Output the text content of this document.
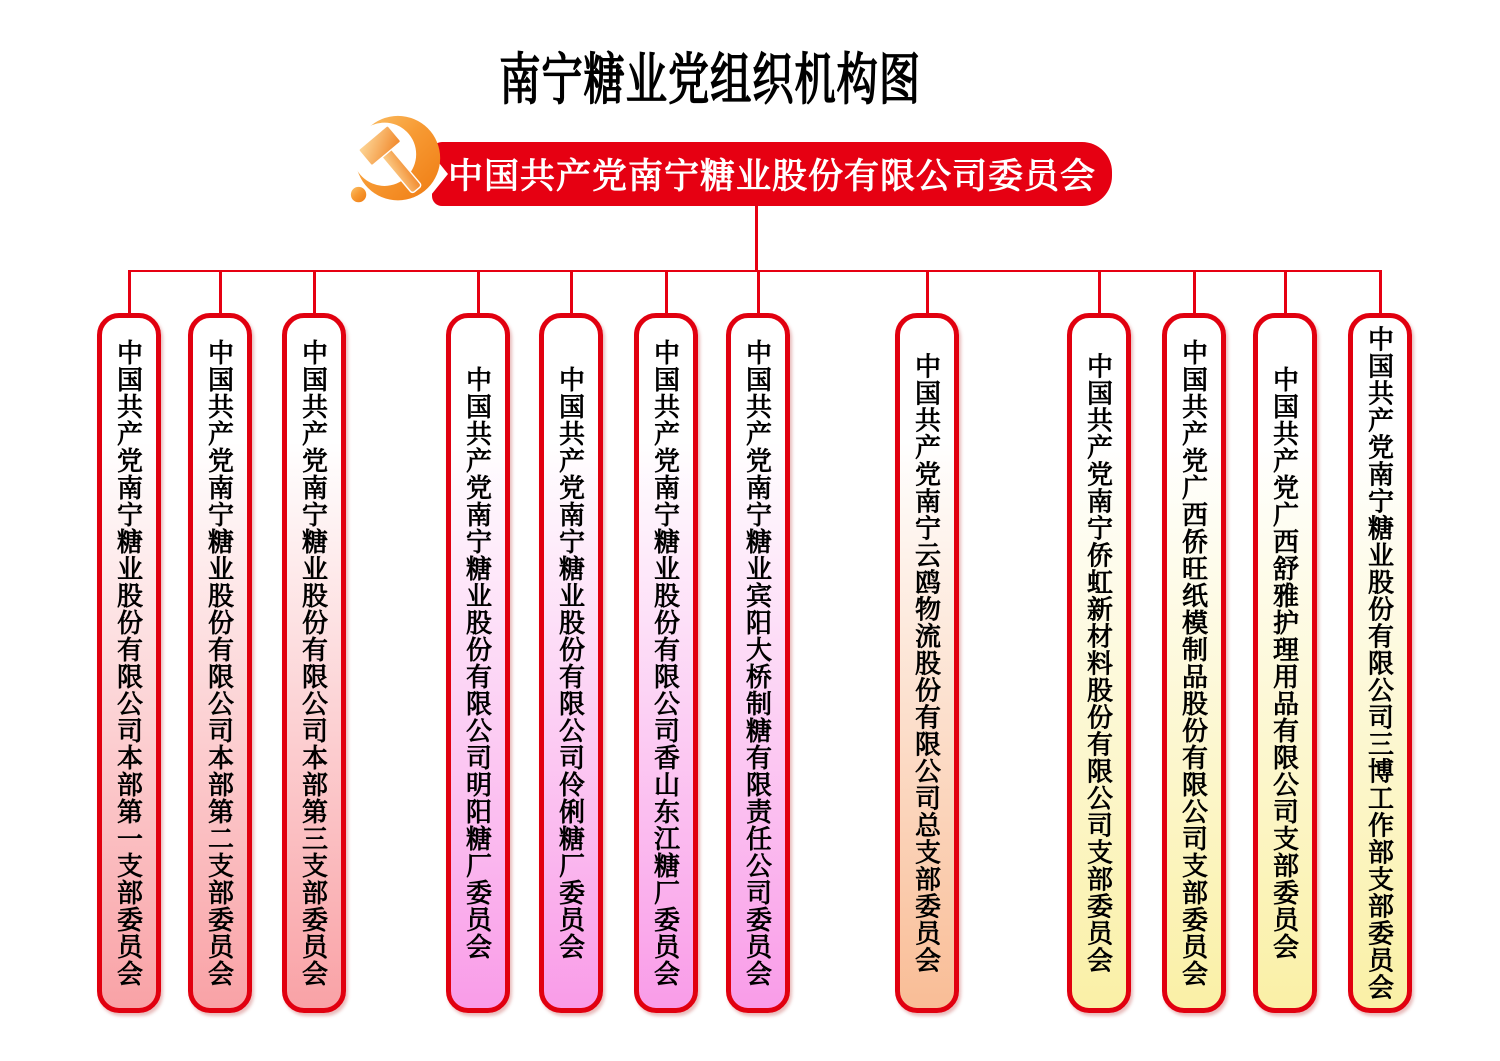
南宁糖业党组织机构图
中国共产党南宁糖业股份有限公司委员会
中国共产党南宁糖业股份有限公司本部第一支部委员会 中国共产党南宁糖业股份有限公司本部第二支部委员会 中国共产党南宁糖业股份有限公司本部第三支部委员会	中国共产党南宁糖业股份有限公司明阳糖厂委员会 中国共产党南宁糖业股份有限公司伶俐糖厂委员会	中国共产党南宁糖业股份有限公司香山东江糖厂委员会 中国共产党南宁糖业宾阳大桥制糖有限责任公司委员会	中国共产党南宁云鸥物流股份有限公司总支部委员会	中国共产党南宁侨虹新材料股份有限公司支部委员会	中国共产党广西侨旺纸模制品股份有限公司支部委员会 中国共产党广西舒雅护理用品有限公司支部委员会	中国共产党南宁糖业股份有限公司三博工作部支部委员会
